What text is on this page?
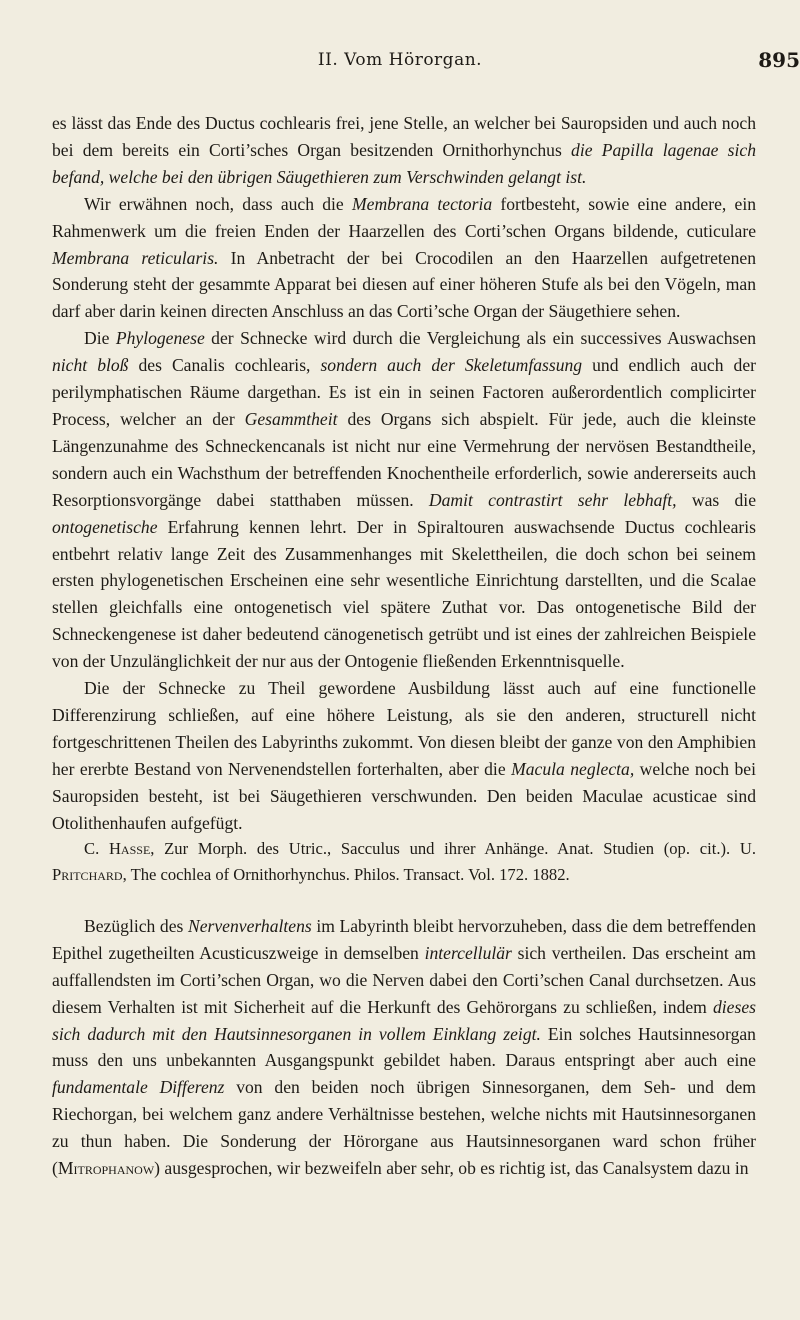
II. Vom Hörorgan.	895

es lässt das Ende des Ductus cochlearis frei, jene Stelle, an welcher bei Sauropsiden und auch noch bei dem bereits ein Corti’sches Organ besitzenden Ornithorhynchus die Papilla lagenae sich befand, welche bei den übrigen Säugethieren zum Verschwinden gelangt ist.

Wir erwähnen noch, dass auch die Membrana tectoria fortbesteht, sowie eine andere, ein Rahmenwerk um die freien Enden der Haarzellen des Corti’schen Organs bildende, cuticulare Membrana reticularis. In Anbetracht der bei Crocodilen an den Haarzellen aufgetretenen Sonderung steht der gesammte Apparat bei diesen auf einer höheren Stufe als bei den Vögeln, man darf aber darin keinen directen Anschluss an das Corti’sche Organ der Säugethiere sehen.

Die Phylogenese der Schnecke wird durch die Vergleichung als ein successives Auswachsen nicht bloß des Canalis cochlearis, sondern auch der Skeletumfassung und endlich auch der perilymphatischen Räume dargethan. Es ist ein in seinen Factoren außerordentlich complicirter Process, welcher an der Gesammtheit des Organs sich abspielt. Für jede, auch die kleinste Längenzunahme des Schneckencanals ist nicht nur eine Vermehrung der nervösen Bestandtheile, sondern auch ein Wachsthum der betreffenden Knochentheile erforderlich, sowie andererseits auch Resorptionsvorgänge dabei statthaben müssen. Damit contrastirt sehr lebhaft, was die ontogenetische Erfahrung kennen lehrt. Der in Spiraltouren auswachsende Ductus cochlearis entbehrt relativ lange Zeit des Zusammenhanges mit Skelettheilen, die doch schon bei seinem ersten phylogenetischen Erscheinen eine sehr wesentliche Einrichtung darstellten, und die Scalae stellen gleichfalls eine ontogenetisch viel spätere Zuthat vor. Das ontogenetische Bild der Schneckengenese ist daher bedeutend cänogenetisch getrübt und ist eines der zahlreichen Beispiele von der Unzulänglichkeit der nur aus der Ontogenie fließenden Erkenntnisquelle.

Die der Schnecke zu Theil gewordene Ausbildung lässt auch auf eine functionelle Differenzirung schließen, auf eine höhere Leistung, als sie den anderen, structurell nicht fortgeschrittenen Theilen des Labyrinths zukommt. Von diesen bleibt der ganze von den Amphibien her ererbte Bestand von Nervenendstellen forterhalten, aber die Macula neglecta, welche noch bei Sauropsiden besteht, ist bei Säugethieren verschwunden. Den beiden Maculae acusticae sind Otolithenhaufen aufgefügt.

C. Hasse, Zur Morph. des Utric., Sacculus und ihrer Anhänge. Anat. Studien (op. cit.). U. Pritchard, The cochlea of Ornithorhynchus. Philos. Transact. Vol. 172. 1882.

Bezüglich des Nervenverhaltens im Labyrinth bleibt hervorzuheben, dass die dem betreffenden Epithel zugetheilten Acusticuszweige in demselben intercellulär sich vertheilen. Das erscheint am auffallendsten im Corti’schen Organ, wo die Nerven dabei den Corti’schen Canal durchsetzen. Aus diesem Verhalten ist mit Sicherheit auf die Herkunft des Gehörorgans zu schließen, indem dieses sich dadurch mit den Hautsinnesorganen in vollem Einklang zeigt. Ein solches Hautsinnesorgan muss den uns unbekannten Ausgangspunkt gebildet haben. Daraus entspringt aber auch eine fundamentale Differenz von den beiden noch übrigen Sinnesorganen, dem Seh- und dem Riechorgan, bei welchem ganz andere Verhältnisse bestehen, welche nichts mit Hautsinnesorganen zu thun haben. Die Sonderung der Hörorgane aus Hautsinnesorganen ward schon früher (Mitrophanow) ausgesprochen, wir bezweifeln aber sehr, ob es richtig ist, das Canalsystem dazu in
